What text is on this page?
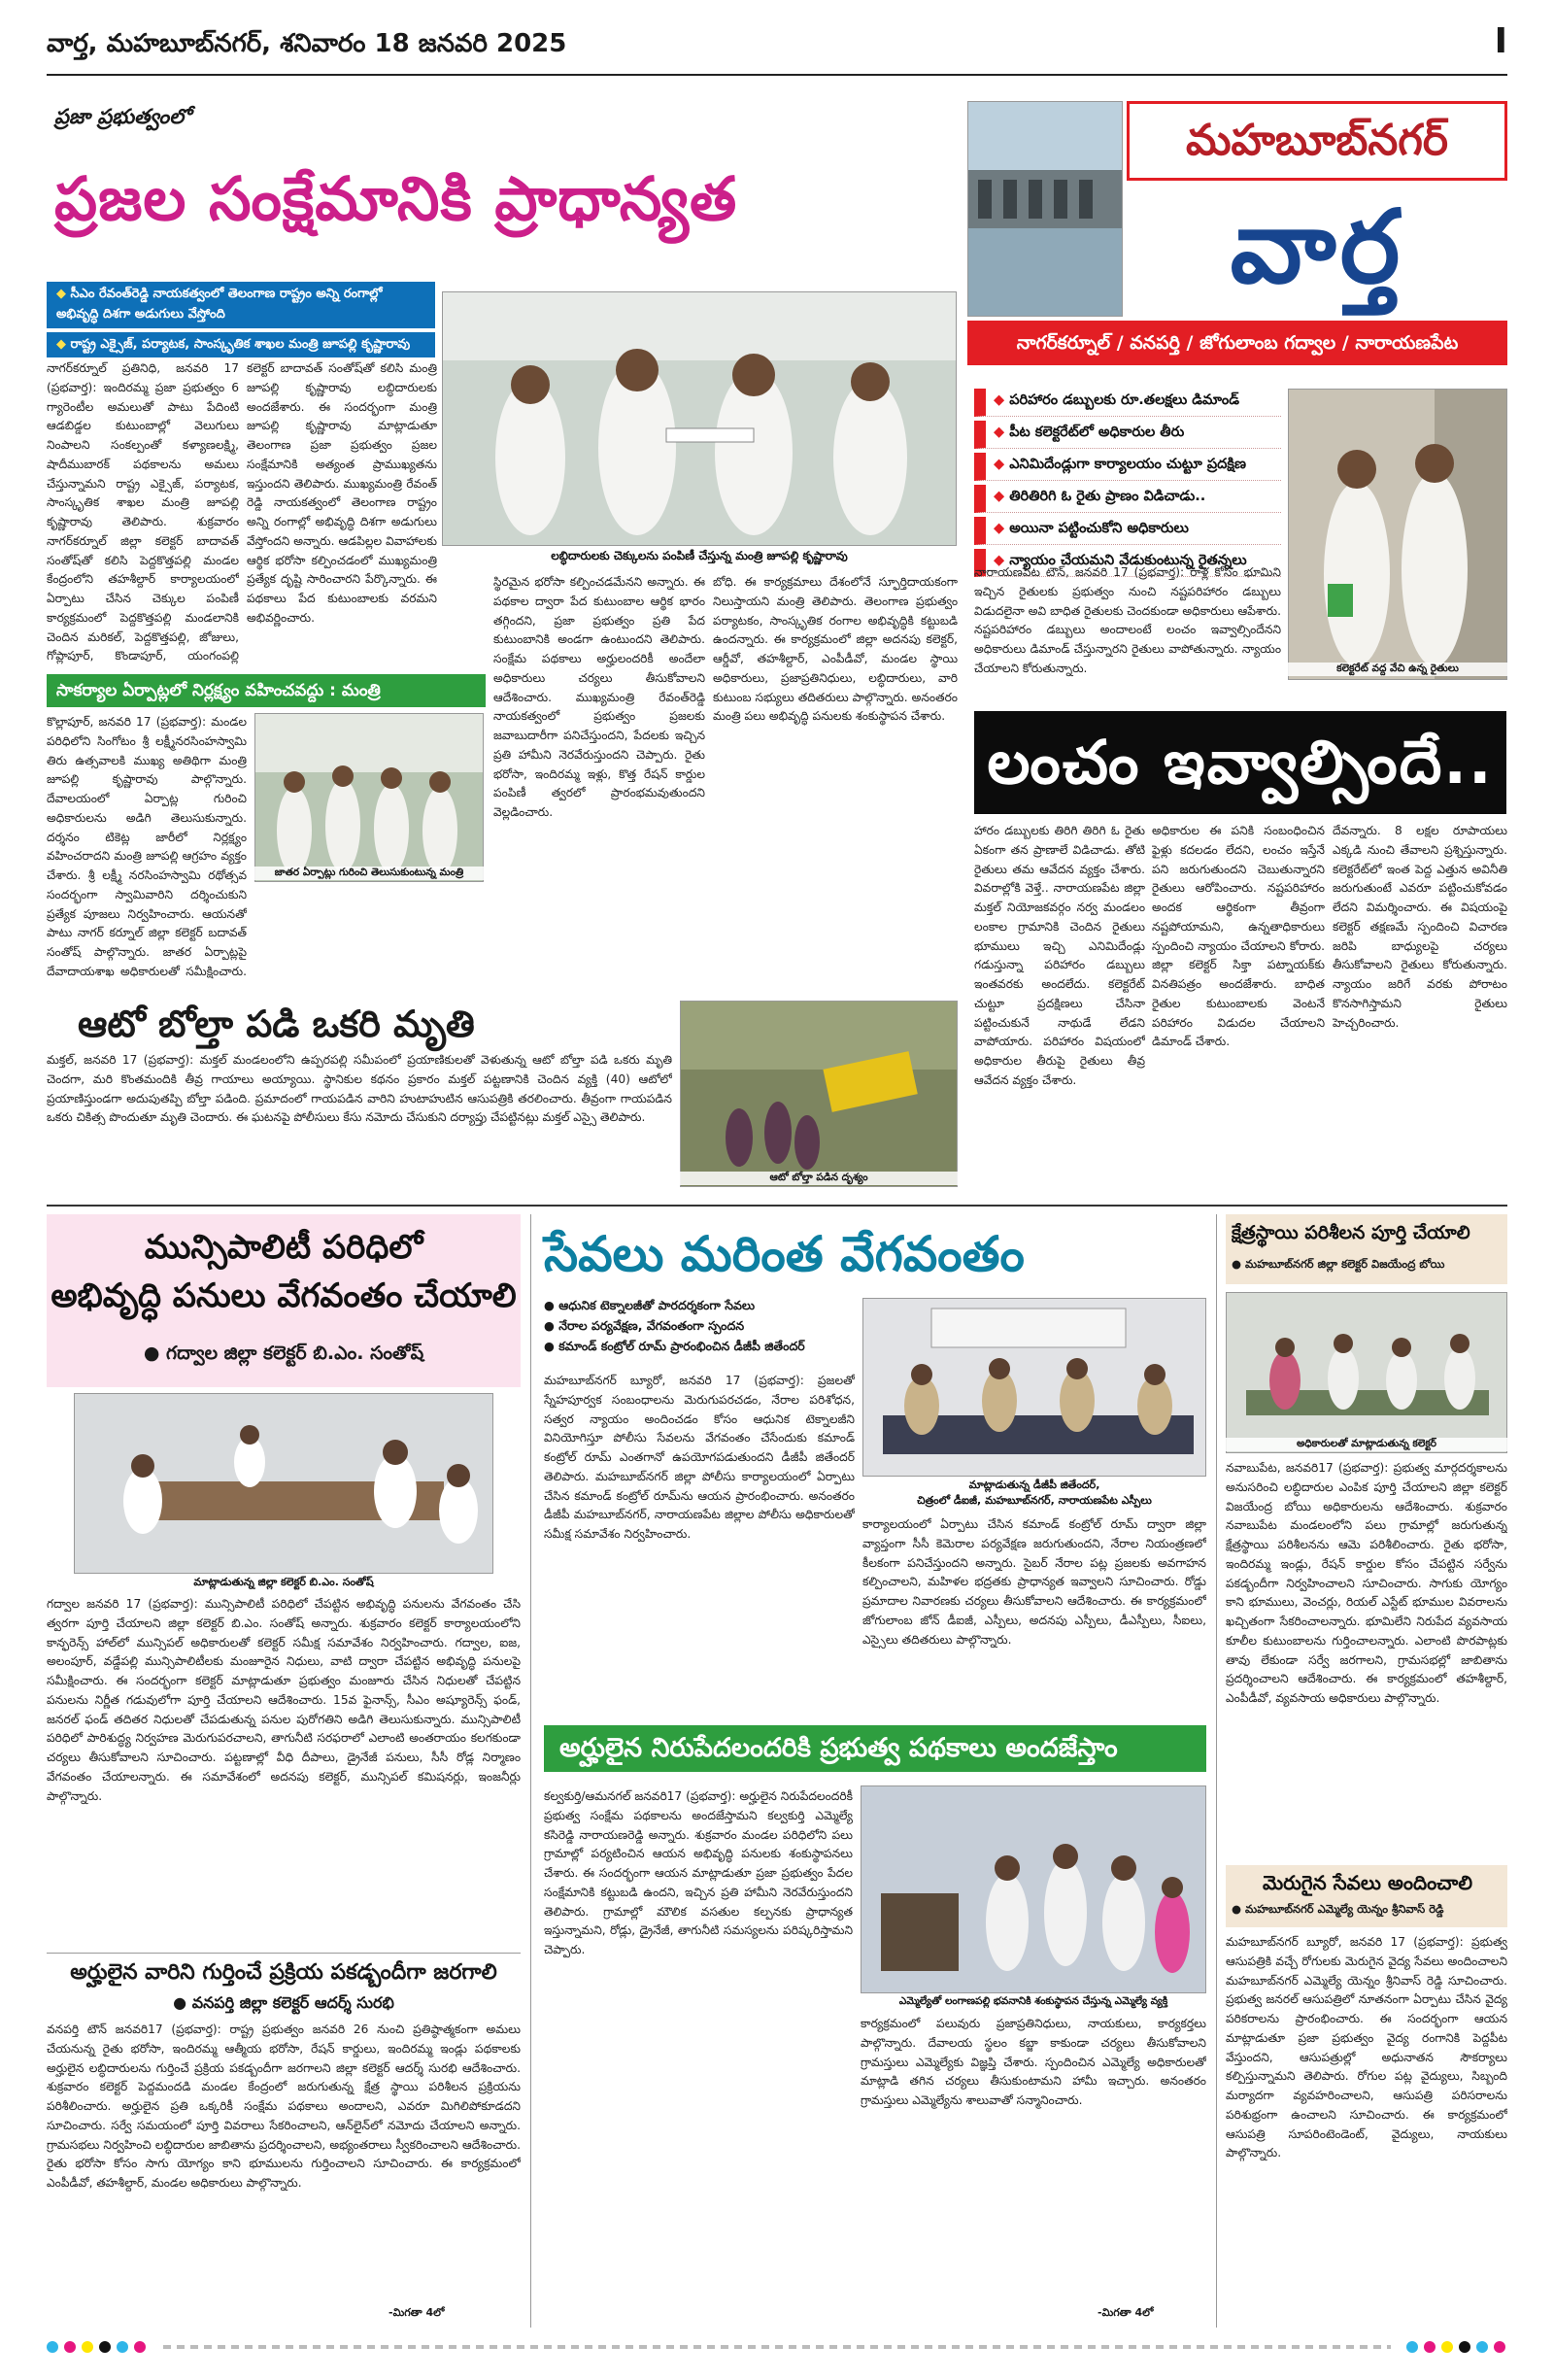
వార్త, మహబూబ్‌నగర్, శనివారం 18 జనవరి 2025	I
ప్రజా ప్రభుత్వంలో
ప్రజల సంక్షేమానికి ప్రాధాన్యత
◆ సీఎం రేవంత్‌రెడ్డి నాయకత్వంలో తెలంగాణ రాష్ట్రం అన్ని రంగాల్లో అభివృద్ధి దిశగా అడుగులు వేస్తోంది
◆ రాష్ట్ర ఎక్సైజ్, పర్యాటక, సాంస్కృతిక శాఖల మంత్రి జూపల్లి కృష్ణారావు
లబ్ధిదారులకు చెక్కులను పంపిణీ చేస్తున్న మంత్రి జూపల్లి కృష్ణారావు
నాగర్‌కర్నూల్ ప్రతినిధి, జనవరి 17 (ప్రభవార్త): ఇందిరమ్మ ప్రజా ప్రభుత్వం 6 గ్యారెంటీల అమలుతో పాటు పేదింటి ఆడబిడ్డల కుటుంబాల్లో వెలుగులు నింపాలని సంకల్పంతో కళ్యాణలక్ష్మి, షాదీముబారక్ పథకాలను అమలు చేస్తున్నామని రాష్ట్ర ఎక్సైజ్, పర్యాటక, సాంస్కృతిక శాఖల మంత్రి జూపల్లి కృష్ణారావు తెలిపారు. శుక్రవారం నాగర్‌కర్నూల్ జిల్లా కలెక్టర్ బాదావత్ సంతోష్‌తో కలిసి పెద్దకొత్తపల్లి మండల కేంద్రంలోని తహశీల్దార్ కార్యాలయంలో ఏర్పాటు చేసిన చెక్కుల పంపిణీ కార్యక్రమంలో పెద్దకొత్తపల్లి మండలానికి చెందిన మరికల్, పెద్దకొత్తపల్లి, జోజులు, గోప్లాపూర్, కొండాపూర్, యంగంపల్లి
కలెక్టర్ బాదావత్ సంతోష్‌తో కలిసి మంత్రి జూపల్లి కృష్ణారావు లబ్ధిదారులకు అందజేశారు. ఈ సందర్భంగా మంత్రి జూపల్లి కృష్ణారావు మాట్లాడుతూ తెలంగాణ ప్రజా ప్రభుత్వం ప్రజల సంక్షేమానికి అత్యంత ప్రాముఖ్యతను ఇస్తుందని తెలిపారు. ముఖ్యమంత్రి రేవంత్ రెడ్డి నాయకత్వంలో తెలంగాణ రాష్ట్రం అన్ని రంగాల్లో అభివృద్ధి దిశగా అడుగులు వేస్తోందని అన్నారు. ఆడపిల్లల వివాహాలకు ఆర్థిక భరోసా కల్పించడంలో ముఖ్యమంత్రి ప్రత్యేక దృష్టి సారించారని పేర్కొన్నారు. ఈ పథకాలు పేద కుటుంబాలకు వరమని అభివర్ణించారు.
స్థిరమైన భరోసా కల్పించడమేనని అన్నారు. ఈ పథకాల ద్వారా పేద కుటుంబాల ఆర్థిక భారం తగ్గిందని, ప్రజా ప్రభుత్వం ప్రతి పేద కుటుంబానికి అండగా ఉంటుందని తెలిపారు. సంక్షేమ పథకాలు అర్హులందరికీ అందేలా అధికారులు చర్యలు తీసుకోవాలని ఆదేశించారు. ముఖ్యమంత్రి రేవంత్‌రెడ్డి నాయకత్వంలో ప్రభుత్వం ప్రజలకు జవాబుదారీగా పనిచేస్తుందని, పేదలకు ఇచ్చిన ప్రతి హామీని నెరవేరుస్తుందని చెప్పారు. రైతు భరోసా, ఇందిరమ్మ ఇళ్లు, కొత్త రేషన్ కార్డుల పంపిణీ త్వరలో ప్రారంభమవుతుందని వెల్లడించారు.
బోధి. ఈ కార్యక్రమాలు దేశంలోనే స్ఫూర్తిదాయకంగా నిలుస్తాయని మంత్రి తెలిపారు. తెలంగాణ ప్రభుత్వం పర్యాటకం, సాంస్కృతిక రంగాల అభివృద్ధికి కట్టుబడి ఉందన్నారు. ఈ కార్యక్రమంలో జిల్లా అదనపు కలెక్టర్, ఆర్డీవో, తహశీల్దార్, ఎంపీడీవో, మండల స్థాయి అధికారులు, ప్రజాప్రతినిధులు, లబ్ధిదారులు, వారి కుటుంబ సభ్యులు తదితరులు పాల్గొన్నారు. అనంతరం మంత్రి పలు అభివృద్ధి పనులకు శంకుస్థాపన చేశారు.
సాకర్యాల ఏర్పాట్లలో నిర్లక్ష్యం వహించవద్దు : మంత్రి
జాతర ఏర్పాట్లు గురించి తెలుసుకుంటున్న మంత్రి
కొల్లాపూర్, జనవరి 17 (ప్రభవార్త): మండల పరిధిలోని సింగోటం శ్రీ లక్ష్మీనరసింహస్వామి తిరు ఉత్సవాలకి ముఖ్య అతిథిగా మంత్రి జూపల్లి కృష్ణారావు పాల్గొన్నారు. దేవాలయంలో ఏర్పాట్ల గురించి అధికారులను అడిగి తెలుసుకున్నారు. దర్శనం టికెట్ల జారీలో నిర్లక్ష్యం వహించరాదని మంత్రి జూపల్లి ఆగ్రహం వ్యక్తం చేశారు. శ్రీ లక్ష్మీ నరసింహస్వామి రథోత్సవ సందర్భంగా స్వామివారిని దర్శించుకుని ప్రత్యేక పూజలు నిర్వహించారు. ఆయనతో పాటు నాగర్ కర్నూల్ జిల్లా కలెక్టర్ బదావత్ సంతోష్ పాల్గొన్నారు. జాతర ఏర్పాట్లపై దేవాదాయశాఖ అధికారులతో సమీక్షించారు.
ఆటో బోల్తా పడి ఒకరి మృతి
ఆటో బోల్తా పడిన దృశ్యం
మక్తల్, జనవరి 17 (ప్రభవార్త): మక్తల్ మండలంలోని ఉప్పరపల్లి సమీపంలో ప్రయాణికులతో వెళుతున్న ఆటో బోల్తా పడి ఒకరు మృతి చెందగా, మరి కొంతమందికి తీవ్ర గాయాలు అయ్యాయి. స్థానికుల కథనం ప్రకారం మక్తల్ పట్టణానికి చెందిన వ్యక్తి (40) ఆటోలో ప్రయాణిస్తుండగా అదుపుతప్పి బోల్తా పడింది. ప్రమాదంలో గాయపడిన వారిని హుటాహుటిన ఆసుపత్రికి తరలించారు. తీవ్రంగా గాయపడిన ఒకరు చికిత్స పొందుతూ మృతి చెందారు. ఈ ఘటనపై పోలీసులు కేసు నమోదు చేసుకుని దర్యాప్తు చేపట్టినట్లు మక్తల్ ఎస్సై తెలిపారు.
మహబూబ్‌నగర్
వార్త
నాగర్‌కర్నూల్ / వనపర్తి / జోగులాంబ గద్వాల / నారాయణపేట
◆ పరిహారం డబ్బులకు రూ.తలక్షలు డిమాండ్
◆ పీట కలెక్టరేట్‌లో అధికారుల తీరు
◆ ఎనిమిదేండ్లుగా కార్యాలయం చుట్టూ ప్రదక్షిణ
◆ తిరితిరిగి ఓ రైతు ప్రాణం విడిచాడు..
◆ అయినా పట్టించుకోని అధికారులు
◆ న్యాయం చేయమని వేడుకుంటున్న రైతన్నలు
కలెక్టరేట్ వద్ద వేచి ఉన్న రైతులు
నారాయణపేట టౌన్, జనవరి 17 (ప్రభవార్త): రాళ్ల కోసం భూమిని ఇచ్చిన రైతులకు ప్రభుత్వం నుంచి నష్టపరిహారం డబ్బులు విడుదలైనా అవి బాధిత రైతులకు చెందకుండా అధికారులు ఆపేశారు. నష్టపరిహారం డబ్బులు అందాలంటే లంచం ఇవ్వాల్సిందేనని అధికారులు డిమాండ్ చేస్తున్నారని రైతులు వాపోతున్నారు. న్యాయం చేయాలని కోరుతున్నారు.
లంచం ఇవ్వాల్సిందే..
హారం డబ్బులకు తిరిగి తిరిగి ఓ రైతు ఏకంగా తన ప్రాణాలే విడిచాడు. తోటి రైతులు తమ ఆవేదన వ్యక్తం చేశారు. వివరాల్లోకి వెళ్తే.. నారాయణపేట జిల్లా మక్తల్ నియోజకవర్గం నర్వ మండలం లంకాల గ్రామానికి చెందిన రైతులు భూములు ఇచ్చి ఎనిమిదేండ్లు గడుస్తున్నా పరిహారం డబ్బులు ఇంతవరకు అందలేదు. కలెక్టరేట్ చుట్టూ ప్రదక్షిణలు చేసినా పట్టించుకునే నాథుడే లేడని వాపోయారు. పరిహారం విషయంలో అధికారుల తీరుపై రైతులు తీవ్ర ఆవేదన వ్యక్తం చేశారు.
అధికారుల ఈ పనికి సంబంధించిన ఫైళ్లు కదలడం లేదని, లంచం ఇస్తేనే పని జరుగుతుందని చెబుతున్నారని రైతులు ఆరోపించారు. నష్టపరిహారం అందక ఆర్థికంగా తీవ్రంగా నష్టపోయామని, ఉన్నతాధికారులు స్పందించి న్యాయం చేయాలని కోరారు. జిల్లా కలెక్టర్ సిక్తా పట్నాయక్‌కు వినతిపత్రం అందజేశారు. బాధిత రైతుల కుటుంబాలకు వెంటనే పరిహారం విడుదల చేయాలని డిమాండ్ చేశారు.
దేవన్నారు. 8 లక్షల రూపాయలు ఎక్కడి నుంచి తేవాలని ప్రశ్నిస్తున్నారు. కలెక్టరేట్‌లో ఇంత పెద్ద ఎత్తున అవినీతి జరుగుతుంటే ఎవరూ పట్టించుకోవడం లేదని విమర్శించారు. ఈ విషయంపై కలెక్టర్ తక్షణమే స్పందించి విచారణ జరిపి బాధ్యులపై చర్యలు తీసుకోవాలని రైతులు కోరుతున్నారు. న్యాయం జరిగే వరకు పోరాటం కొనసాగిస్తామని రైతులు హెచ్చరించారు.
మున్సిపాలిటీ పరిధిలో
అభివృద్ధి పనులు వేగవంతం చేయాలి
● గద్వాల జిల్లా కలెక్టర్ బి.ఎం. సంతోష్
మాట్లాడుతున్న జిల్లా కలెక్టర్ బి.ఎం. సంతోష్
గద్వాల జనవరి 17 (ప్రభవార్త): మున్సిపాలిటీ పరిధిలో చేపట్టిన అభివృద్ధి పనులను వేగవంతం చేసి త్వరగా పూర్తి చేయాలని జిల్లా కలెక్టర్ బి.ఎం. సంతోష్ అన్నారు. శుక్రవారం కలెక్టర్ కార్యాలయంలోని కాన్ఫరెన్స్ హాల్‌లో మున్సిపల్ అధికారులతో కలెక్టర్ సమీక్ష సమావేశం నిర్వహించారు. గద్వాల, ఐజ, అలంపూర్, వడ్డేపల్లి మున్సిపాలిటీలకు మంజూరైన నిధులు, వాటి ద్వారా చేపట్టిన అభివృద్ధి పనులపై సమీక్షించారు. ఈ సందర్భంగా కలెక్టర్ మాట్లాడుతూ ప్రభుత్వం మంజూరు చేసిన నిధులతో చేపట్టిన పనులను నిర్ణీత గడువులోగా పూర్తి చేయాలని ఆదేశించారు. 15వ ఫైనాన్స్, సీఎం అష్యూరెన్స్ ఫండ్, జనరల్ ఫండ్ తదితర నిధులతో చేపడుతున్న పనుల పురోగతిని అడిగి తెలుసుకున్నారు. మున్సిపాలిటీ పరిధిలో పారిశుద్ధ్య నిర్వహణ మెరుగుపరచాలని, తాగునీటి సరఫరాలో ఎలాంటి అంతరాయం కలగకుండా చర్యలు తీసుకోవాలని సూచించారు. పట్టణాల్లో వీధి దీపాలు, డ్రైనేజీ పనులు, సీసీ రోడ్ల నిర్మాణం వేగవంతం చేయాలన్నారు. ఈ సమావేశంలో అదనపు కలెక్టర్, మున్సిపల్ కమిషనర్లు, ఇంజనీర్లు పాల్గొన్నారు.
అర్హులైన వారిని గుర్తించే ప్రక్రియ పకడ్బందీగా జరగాలి
● వనపర్తి జిల్లా కలెక్టర్ ఆదర్శ్ సురభి
వనపర్తి టౌన్ జనవరి17 (ప్రభవార్త): రాష్ట్ర ప్రభుత్వం జనవరి 26 నుంచి ప్రతిష్ఠాత్మకంగా అమలు చేయనున్న రైతు భరోసా, ఇందిరమ్మ ఆత్మీయ భరోసా, రేషన్ కార్డులు, ఇందిరమ్మ ఇండ్లు పథకాలకు అర్హులైన లబ్ధిదారులను గుర్తించే ప్రక్రియ పకడ్బందీగా జరగాలని జిల్లా కలెక్టర్ ఆదర్శ్ సురభి ఆదేశించారు. శుక్రవారం కలెక్టర్ పెద్దమందడి మండల కేంద్రంలో జరుగుతున్న క్షేత్ర స్థాయి పరిశీలన ప్రక్రియను పరిశీలించారు. అర్హులైన ప్రతి ఒక్కరికీ సంక్షేమ పథకాలు అందాలని, ఎవరూ మిగిలిపోకూడదని సూచించారు. సర్వే సమయంలో పూర్తి వివరాలు సేకరించాలని, ఆన్‌లైన్‌లో నమోదు చేయాలని అన్నారు. గ్రామసభలు నిర్వహించి లబ్ధిదారుల జాబితాను ప్రదర్శించాలని, అభ్యంతరాలు స్వీకరించాలని ఆదేశించారు. రైతు భరోసా కోసం సాగు యోగ్యం కాని భూములను గుర్తించాలని సూచించారు. ఈ కార్యక్రమంలో ఎంపీడీవో, తహశీల్దార్, మండల అధికారులు పాల్గొన్నారు.
-మిగతా 4లో
సేవలు మరింత వేగవంతం
● ఆధునిక టెక్నాలజీతో పారదర్శకంగా సేవలు
● నేరాల పర్యవేక్షణ, వేగవంతంగా స్పందన
● కమాండ్ కంట్రోల్ రూమ్ ప్రారంభించిన డీజీపీ జితేందర్
మాట్లాడుతున్న డీజీపీ జితేందర్,
చిత్రంలో డీఐజీ, మహబూబ్‌నగర్, నారాయణపేట ఎస్పీలు
మహబూబ్‌నగర్ బ్యూరో, జనవరి 17 (ప్రభవార్త): ప్రజలతో స్నేహపూర్వక సంబంధాలను మెరుగుపరచడం, నేరాల పరిశోధన, సత్వర న్యాయం అందించడం కోసం ఆధునిక టెక్నాలజీని వినియోగిస్తూ పోలీసు సేవలను వేగవంతం చేసేందుకు కమాండ్ కంట్రోల్ రూమ్ ఎంతగానో ఉపయోగపడుతుందని డీజీపీ జితేందర్ తెలిపారు. మహబూబ్‌నగర్ జిల్లా పోలీసు కార్యాలయంలో ఏర్పాటు చేసిన కమాండ్ కంట్రోల్ రూమ్‌ను ఆయన ప్రారంభించారు. అనంతరం డీజీపీ మహబూబ్‌నగర్, నారాయణపేట జిల్లాల పోలీసు అధికారులతో సమీక్ష సమావేశం నిర్వహించారు.
కార్యాలయంలో ఏర్పాటు చేసిన కమాండ్ కంట్రోల్ రూమ్ ద్వారా జిల్లా వ్యాప్తంగా సీసీ కెమెరాల పర్యవేక్షణ జరుగుతుందని, నేరాల నియంత్రణలో కీలకంగా పనిచేస్తుందని అన్నారు. సైబర్ నేరాల పట్ల ప్రజలకు అవగాహన కల్పించాలని, మహిళల భద్రతకు ప్రాధాన్యత ఇవ్వాలని సూచించారు. రోడ్డు ప్రమాదాల నివారణకు చర్యలు తీసుకోవాలని ఆదేశించారు. ఈ కార్యక్రమంలో జోగులాంబ జోన్ డీఐజీ, ఎస్పీలు, అదనపు ఎస్పీలు, డీఎస్పీలు, సీఐలు, ఎస్సైలు తదితరులు పాల్గొన్నారు.
అర్హులైన నిరుపేదలందరికి ప్రభుత్వ పథకాలు అందజేస్తాం
ఎమ్మెల్యేతో లంగాణపల్లి భవనానికి శంకుస్థాపన చేస్తున్న ఎమ్మెల్యే వ్యక్తి
కల్వకుర్తి/ఆమనగల్ జనవరి17 (ప్రభవార్త): అర్హులైన నిరుపేదలందరికీ ప్రభుత్వ సంక్షేమ పథకాలను అందజేస్తామని కల్వకుర్తి ఎమ్మెల్యే కసిరెడ్డి నారాయణరెడ్డి అన్నారు. శుక్రవారం మండల పరిధిలోని పలు గ్రామాల్లో పర్యటించిన ఆయన అభివృద్ధి పనులకు శంకుస్థాపనలు చేశారు. ఈ సందర్భంగా ఆయన మాట్లాడుతూ ప్రజా ప్రభుత్వం పేదల సంక్షేమానికి కట్టుబడి ఉందని, ఇచ్చిన ప్రతి హామీని నెరవేరుస్తుందని తెలిపారు. గ్రామాల్లో మౌలిక వసతుల కల్పనకు ప్రాధాన్యత ఇస్తున్నామని, రోడ్లు, డ్రైనేజీ, తాగునీటి సమస్యలను పరిష్కరిస్తామని చెప్పారు.
కార్యక్రమంలో పలువురు ప్రజాప్రతినిధులు, నాయకులు, కార్యకర్తలు పాల్గొన్నారు. దేవాలయ స్థలం కబ్జా కాకుండా చర్యలు తీసుకోవాలని గ్రామస్తులు ఎమ్మెల్యేకు విజ్ఞప్తి చేశారు. స్పందించిన ఎమ్మెల్యే అధికారులతో మాట్లాడి తగిన చర్యలు తీసుకుంటామని హామీ ఇచ్చారు. అనంతరం గ్రామస్తులు ఎమ్మెల్యేను శాలువాతో సన్మానించారు.
-మిగతా 4లో
క్షేత్రస్థాయి పరిశీలన పూర్తి చేయాలి
● మహబూబ్‌నగర్ జిల్లా కలెక్టర్ విజయేంద్ర బోయి
అధికారులతో మాట్లాడుతున్న కలెక్టర్
నవాబుపేట, జనవరి17 (ప్రభవార్త): ప్రభుత్వ మార్గదర్శకాలను అనుసరించి లబ్ధిదారుల ఎంపిక పూర్తి చేయాలని జిల్లా కలెక్టర్ విజయేంద్ర బోయి అధికారులను ఆదేశించారు. శుక్రవారం నవాబుపేట మండలంలోని పలు గ్రామాల్లో జరుగుతున్న క్షేత్రస్థాయి పరిశీలనను ఆమె పరిశీలించారు. రైతు భరోసా, ఇందిరమ్మ ఇండ్లు, రేషన్ కార్డుల కోసం చేపట్టిన సర్వేను పకడ్బందీగా నిర్వహించాలని సూచించారు. సాగుకు యోగ్యం కాని భూములు, వెంచర్లు, రియల్ ఎస్టేట్ భూముల వివరాలను ఖచ్చితంగా సేకరించాలన్నారు. భూమిలేని నిరుపేద వ్యవసాయ కూలీల కుటుంబాలను గుర్తించాలన్నారు. ఎలాంటి పొరపాట్లకు తావు లేకుండా సర్వే జరగాలని, గ్రామసభల్లో జాబితాను ప్రదర్శించాలని ఆదేశించారు. ఈ కార్యక్రమంలో తహశీల్దార్, ఎంపీడీవో, వ్యవసాయ అధికారులు పాల్గొన్నారు.
మెరుగైన సేవలు అందించాలి
● మహబూబ్‌నగర్ ఎమ్మెల్యే యెన్నం శ్రీనివాస్ రెడ్డి
మహబూబ్‌నగర్ బ్యూరో, జనవరి 17 (ప్రభవార్త): ప్రభుత్వ ఆసుపత్రికి వచ్చే రోగులకు మెరుగైన వైద్య సేవలు అందించాలని మహబూబ్‌నగర్ ఎమ్మెల్యే యెన్నం శ్రీనివాస్ రెడ్డి సూచించారు. ప్రభుత్వ జనరల్ ఆసుపత్రిలో నూతనంగా ఏర్పాటు చేసిన వైద్య పరికరాలను ప్రారంభించారు. ఈ సందర్భంగా ఆయన మాట్లాడుతూ ప్రజా ప్రభుత్వం వైద్య రంగానికి పెద్దపీట వేస్తుందని, ఆసుపత్రుల్లో అధునాతన సౌకర్యాలు కల్పిస్తున్నామని తెలిపారు. రోగుల పట్ల వైద్యులు, సిబ్బంది మర్యాదగా వ్యవహరించాలని, ఆసుపత్రి పరిసరాలను పరిశుభ్రంగా ఉంచాలని సూచించారు. ఈ కార్యక్రమంలో ఆసుపత్రి సూపరింటెండెంట్, వైద్యులు, నాయకులు పాల్గొన్నారు.
